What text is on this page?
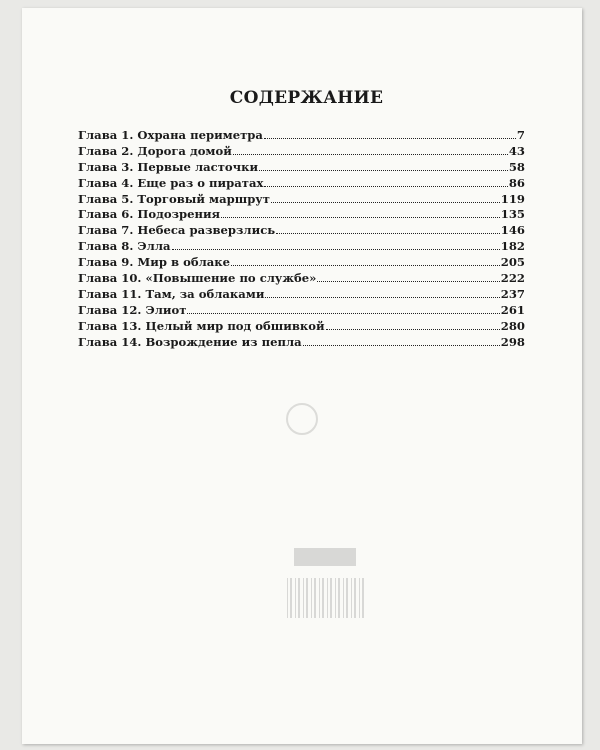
СОДЕРЖАНИЕ
Глава 1. Охрана периметра	7
Глава 2. Дорога домой	43
Глава 3. Первые ласточки	58
Глава 4. Еще раз о пиратах	86
Глава 5. Торговый маршрут	119
Глава 6. Подозрения	135
Глава 7. Небеса разверзлись	146
Глава 8. Элла	182
Глава 9. Мир в облаке	205
Глава 10. «Повышение по службе»	222
Глава 11. Там, за облаками	237
Глава 12. Элиот	261
Глава 13. Целый мир под обшивкой	280
Глава 14. Возрождение из пепла	298
